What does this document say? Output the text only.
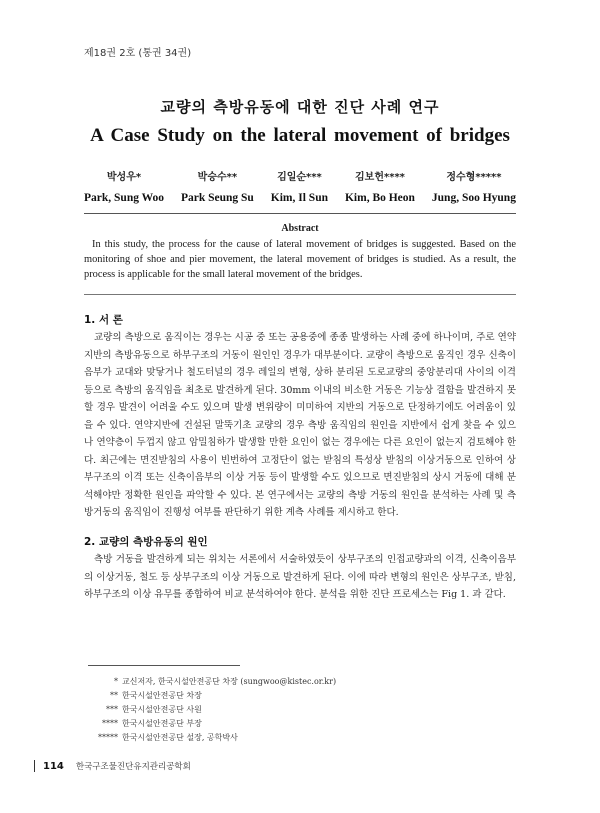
제18권 2호 (통권 34권)
교량의 측방유동에 대한 진단 사례 연구
A Case Study on the lateral movement of bridges
박성우*
Park, Sung Woo
박승수**
Park Seung Su
김일순***
Kim, Il Sun
김보헌****
Kim, Bo Heon
정수형*****
Jung, Soo Hyung
Abstract

In this study, the process for the cause of lateral movement of bridges is suggested. Based on the monitoring of shoe and pier movement, the lateral movement of bridges is studied. As a result, the process is applicable for the small lateral movement of the bridges.

1. 서 론

교량의 측방으로 움직이는 경우는 시공 중 또는 공용중에 종종 발생하는 사례 중에 하나이며, 주로 연약지반의 측방유동으로 하부구조의 거동이 원인인 경우가 대부분이다. 교량이 측방으로 움직인 경우 신축이음부가 교대와 맞닿거나 철도터널의 경우 레일의 변형, 상하 분리된 도로교량의 중앙분리대 사이의 이격 등으로 측방의 움직임을 최초로 발견하게 된다. 30mm 이내의 비소한 거동은 기능상 결함을 발견하지 못할 경우 발견이 어려울 수도 있으며 발생 변위량이 미미하여 지반의 거동으로 단정하기에도 어려움이 있을 수 있다. 연약지반에 건설된 말뚝기초 교량의 경우 측방 움직임의 원인을 지반에서 쉽게 찾을 수 있으나 연약층이 두껍지 않고 암밀침하가 발생할 만한 요인이 없는 경우에는 다른 요인이 없는지 검토해야 한다. 최근에는 면진받침의 사용이 빈번하여 고정단이 없는 받침의 특성상 받침의 이상거동으로 인하여 상부구조의 이격 또는 신축이음부의 이상 거동 등이 발생할 수도 있으므로 면진받침의 상시 거동에 대해 분석해야만 정확한 원인을 파악할 수 있다. 본 연구에서는 교량의 측방 거동의 원인을 분석하는 사례 및 측방거동의 움직임이 진행성 여부를 판단하기 위한 계측 사례를 제시하고 한다.

2. 교량의 측방유동의 원인

측방 거동을 발견하게 되는 위치는 서론에서 서술하였듯이 상부구조의 인접교량과의 이격, 신축이음부의 이상거동, 철도 등 상부구조의 이상 거동으로 발견하게 된다. 이에 따라 변형의 원인은 상부구조, 받침, 하부구조의 이상 유무를 종합하여 비교 분석하여야 한다. 분석을 위한 진단 프로세스는 Fig 1. 과 같다.

* 교신저자, 한국시설안전공단 차장 (sungwoo@kistec.or.kr)
** 한국시설안전공단 차장
*** 한국시설안전공단 사원
**** 한국시설안전공단 부장
***** 한국시설안전공단 설장, 공학박사
114 한국구조물진단유지관리공학회
